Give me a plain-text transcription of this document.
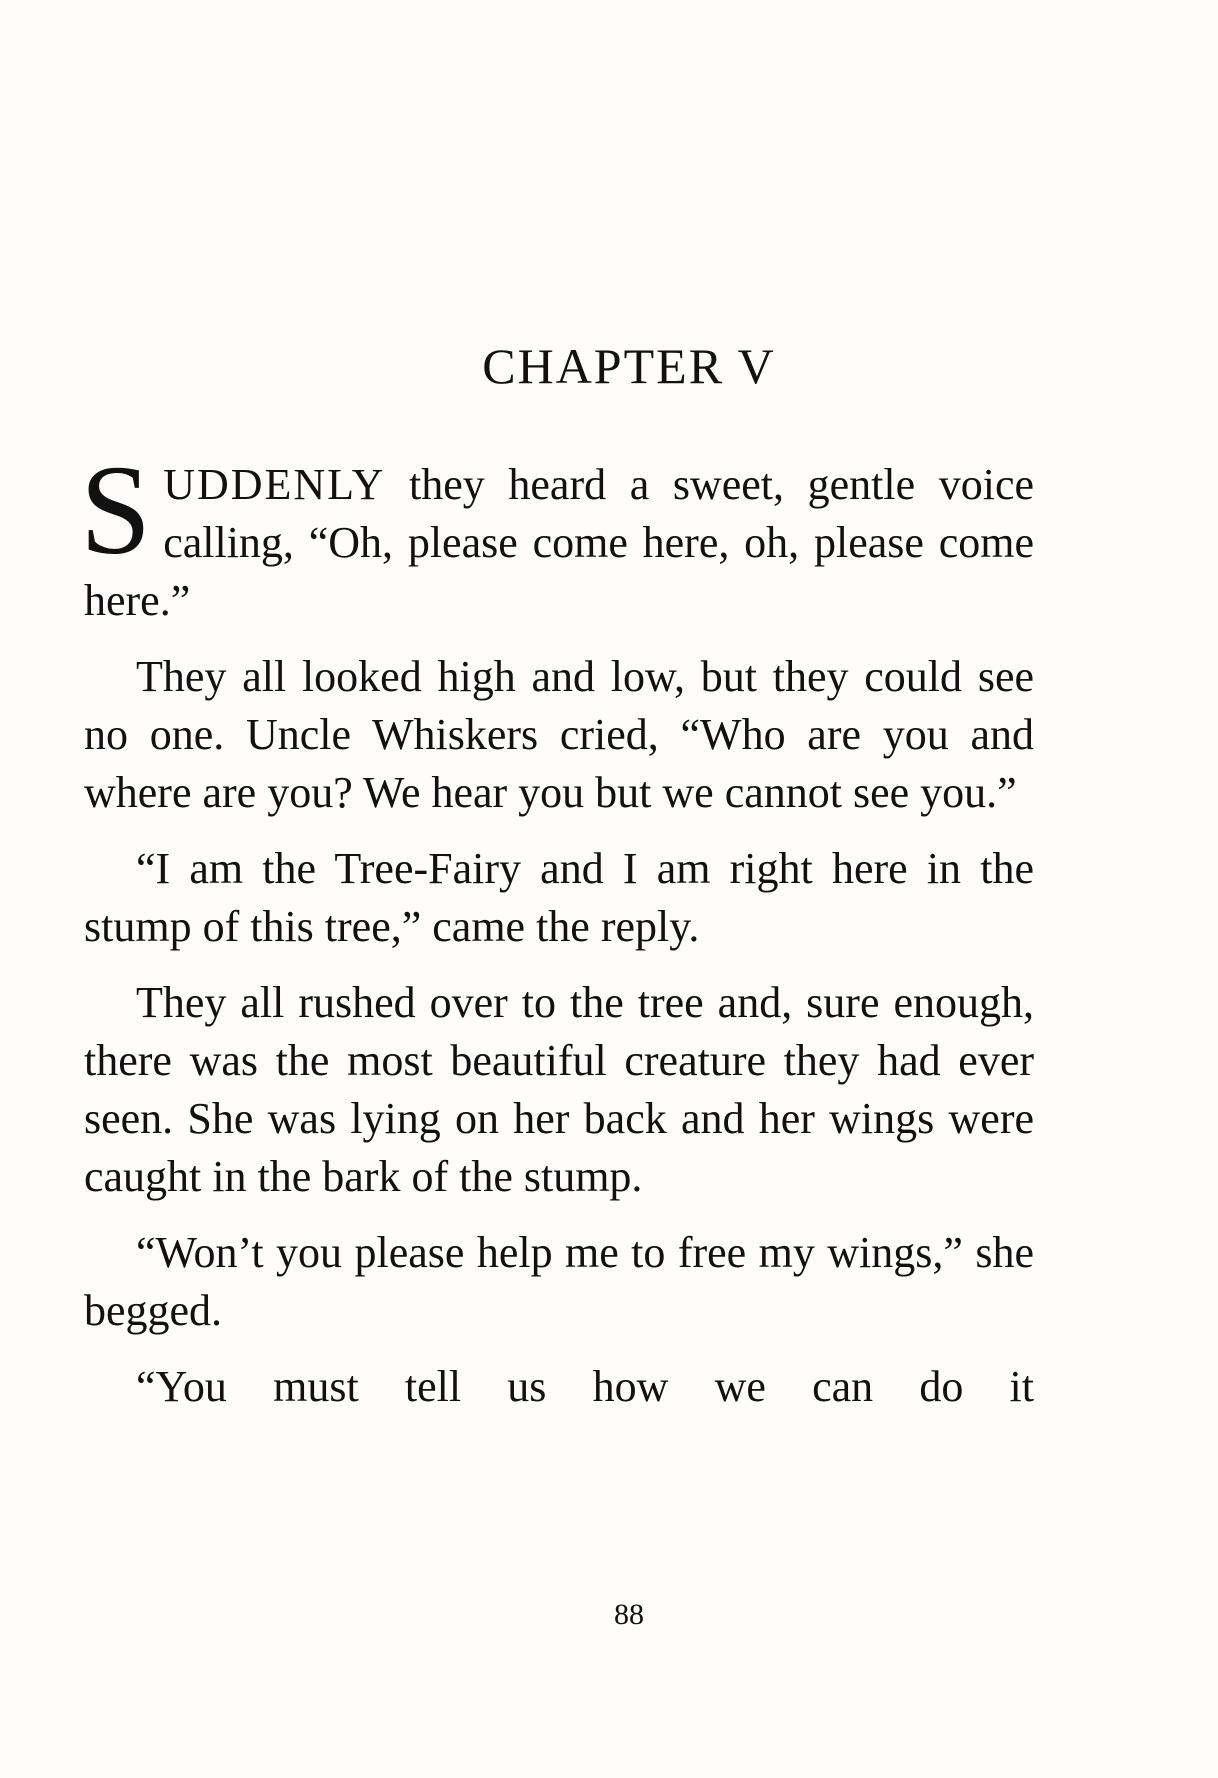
CHAPTER V

SUDDENLY they heard a sweet, gentle voice calling, “Oh, please come here, oh, please come here.”

They all looked high and low, but they could see no one. Uncle Whiskers cried, “Who are you and where are you? We hear you but we cannot see you.”

“I am the Tree-Fairy and I am right here in the stump of this tree,” came the reply.

They all rushed over to the tree and, sure enough, there was the most beautiful creature they had ever seen. She was lying on her back and her wings were caught in the bark of the stump.

“Won’t you please help me to free my wings,” she begged.

“You must tell us how we can do it

88
